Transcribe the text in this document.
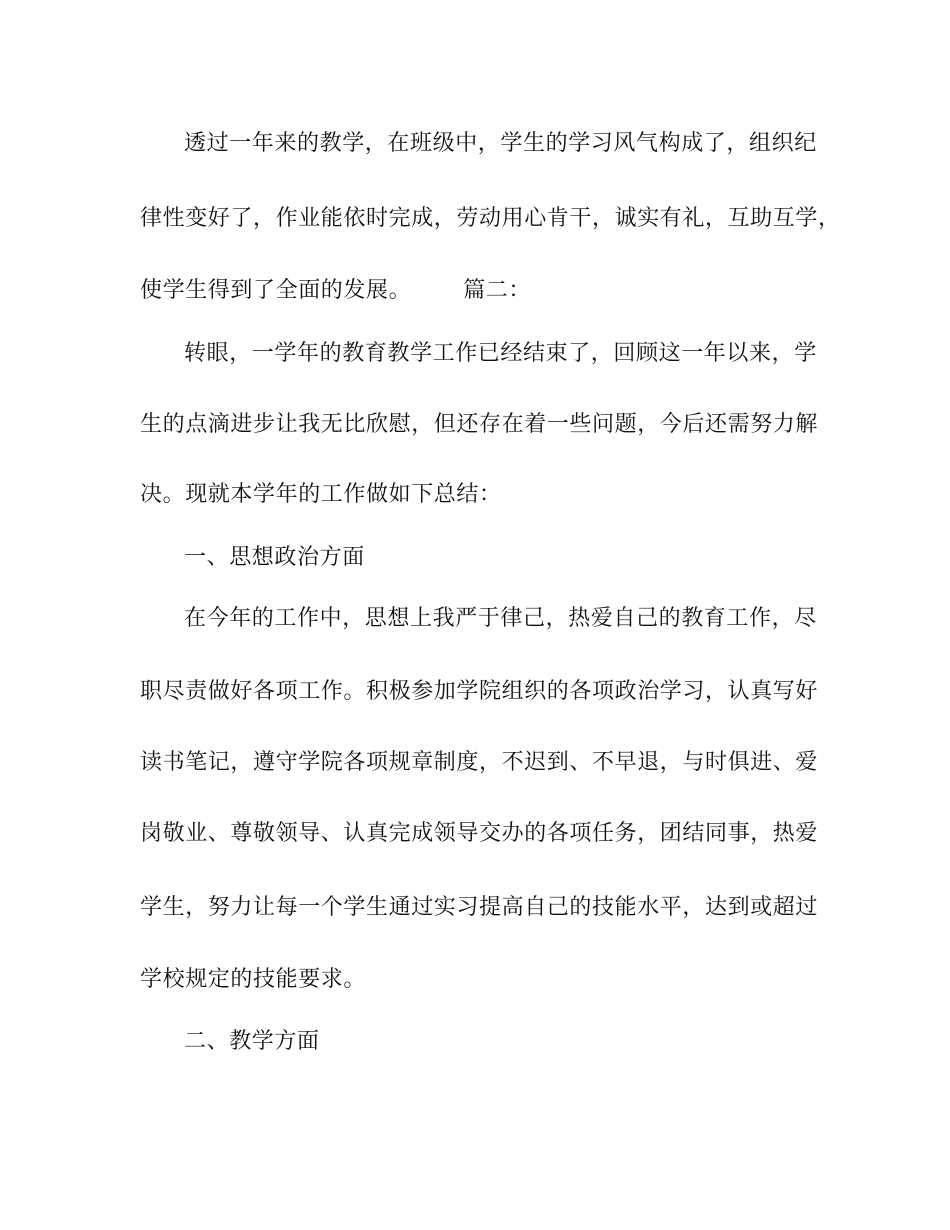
透过一年来的教学，在班级中，学生的学习风气构成了，组织纪

律性变好了，作业能依时完成，劳动用心肯干，诚实有礼，互助互学，

使学生得到了全面的发展。 篇二：

转眼，一学年的教育教学工作已经结束了，回顾这一年以来，学

生的点滴进步让我无比欣慰，但还存在着一些问题，今后还需努力解

决。现就本学年的工作做如下总结：

一、思想政治方面

在今年的工作中，思想上我严于律己，热爱自己的教育工作，尽

职尽责做好各项工作。积极参加学院组织的各项政治学习，认真写好

读书笔记，遵守学院各项规章制度，不迟到、不早退，与时俱进、爱

岗敬业、尊敬领导、认真完成领导交办的各项任务，团结同事，热爱

学生，努力让每一个学生通过实习提高自己的技能水平，达到或超过

学校规定的技能要求。

二、教学方面
